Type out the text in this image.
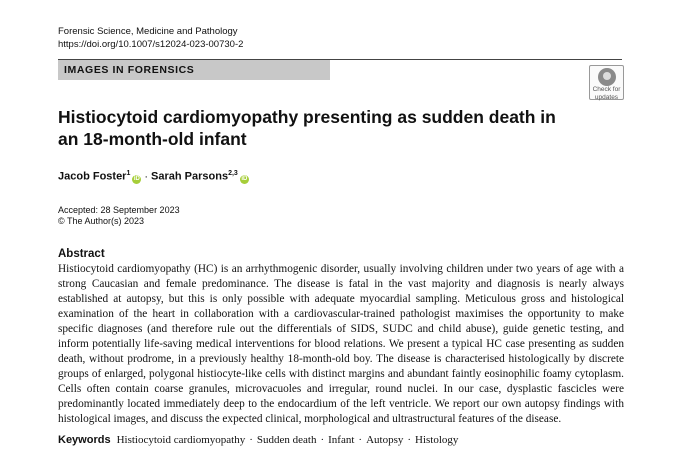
Forensic Science, Medicine and Pathology
https://doi.org/10.1007/s12024-023-00730-2
IMAGES IN FORENSICS
Check for
updates
Histiocytoid cardiomyopathy presenting as sudden death in an 18-month-old infant
Jacob Foster$^1$iD · Sarah Parsons$^{2,3}$iD
Accepted: 28 September 2023
© The Author(s) 2023
Abstract
Histiocytoid cardiomyopathy (HC) is an arrhythmogenic disorder, usually involving children under two years of age with a strong Caucasian and female predominance. The disease is fatal in the vast majority and diagnosis is nearly always established at autopsy, but this is only possible with adequate myocardial sampling. Meticulous gross and histological examination of the heart in collaboration with a cardiovascular-trained pathologist maximises the opportunity to make specific diagnoses (and therefore rule out the differentials of SIDS, SUDC and child abuse), guide genetic testing, and inform potentially life-saving medical interventions for blood relations. We present a typical HC case presenting as sudden death, without prodrome, in a previously healthy 18-month-old boy. The disease is characterised histologically by discrete groups of enlarged, polygonal histiocyte-like cells with distinct margins and abundant faintly eosinophilic foamy cytoplasm. Cells often contain coarse granules, microvacuoles and irregular, round nuclei. In our case, dysplastic fascicles were predominantly located immediately deep to the endocardium of the left ventricle. We report our own autopsy findings with histological images, and discuss the expected clinical, morphological and ultrastructural features of the disease.
Keywords Histiocytoid cardiomyopathy · Sudden death · Infant · Autopsy · Histology
